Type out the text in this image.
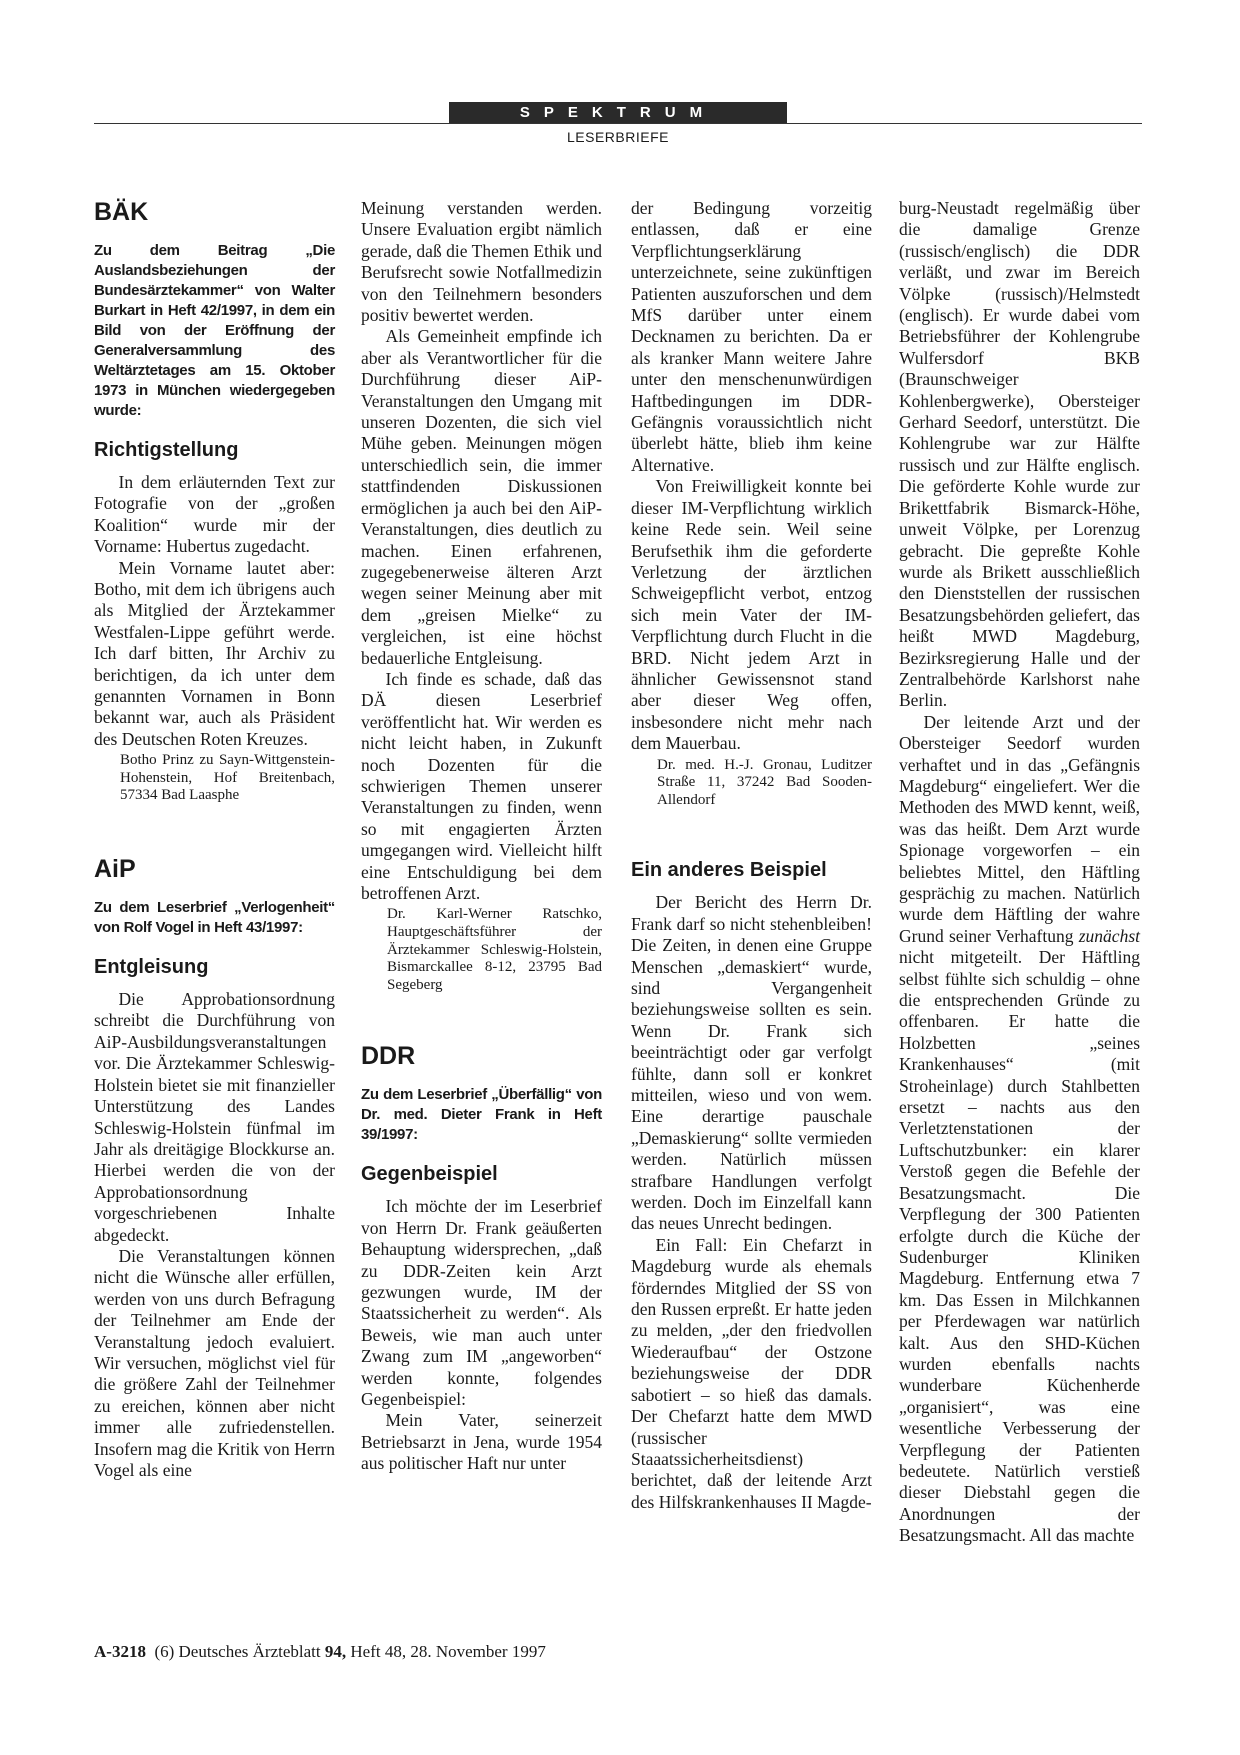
SPEKTRUM
LESERBRIEFE
BÄK
Zu dem Beitrag „Die Auslandsbeziehungen der Bundesärztekammer“ von Walter Burkart in Heft 42/1997, in dem ein Bild von der Eröffnung der Generalversammlung des Weltärztetages am 15. Oktober 1973 in München wiedergegeben wurde:
Richtigstellung

In dem erläuternden Text zur Fotografie von der „großen Koalition“ wurde mir der Vorname: Hubertus zugedacht.

Mein Vorname lautet aber: Botho, mit dem ich übrigens auch als Mitglied der Ärztekammer Westfalen-Lippe geführt werde. Ich darf bitten, Ihr Archiv zu berichtigen, da ich unter dem genannten Vornamen in Bonn bekannt war, auch als Präsident des Deutschen Roten Kreuzes.

Botho Prinz zu Sayn-Wittgenstein-Hohenstein, Hof Breitenbach, 57334 Bad Laasphe
AiP
Zu dem Leserbrief „Verlogenheit“ von Rolf Vogel in Heft 43/1997:
Entgleisung

Die Approbationsordnung schreibt die Durchführung von AiP-Ausbildungsveranstaltungen vor. Die Ärztekammer Schleswig-Holstein bietet sie mit finanzieller Unterstützung des Landes Schleswig-Holstein fünfmal im Jahr als dreitägige Blockkurse an. Hierbei werden die von der Approbationsordnung vorgeschriebenen Inhalte abgedeckt.

Die Veranstaltungen können nicht die Wünsche aller erfüllen, werden von uns durch Befragung der Teilnehmer am Ende der Veranstaltung jedoch evaluiert. Wir versuchen, möglichst viel für die größere Zahl der Teilnehmer zu ereichen, können aber nicht immer alle zufriedenstellen. Insofern mag die Kritik von Herrn Vogel als eine

Meinung verstanden werden. Unsere Evaluation ergibt nämlich gerade, daß die Themen Ethik und Berufsrecht sowie Notfallmedizin von den Teilnehmern besonders positiv bewertet werden.

Als Gemeinheit empfinde ich aber als Verantwortlicher für die Durchführung dieser AiP-Veranstaltungen den Umgang mit unseren Dozenten, die sich viel Mühe geben. Meinungen mögen unterschiedlich sein, die immer stattfindenden Diskussionen ermöglichen ja auch bei den AiP-Veranstaltungen, dies deutlich zu machen. Einen erfahrenen, zugegebenerweise älteren Arzt wegen seiner Meinung aber mit dem „greisen Mielke“ zu vergleichen, ist eine höchst bedauerliche Entgleisung.

Ich finde es schade, daß das DÄ diesen Leserbrief veröffentlicht hat. Wir werden es nicht leicht haben, in Zukunft noch Dozenten für die schwierigen Themen unserer Veranstaltungen zu finden, wenn so mit engagierten Ärzten umgegangen wird. Vielleicht hilft eine Entschuldigung bei dem betroffenen Arzt.

Dr. Karl-Werner Ratschko, Hauptgeschäftsführer der Ärztekammer Schleswig-Holstein, Bismarckallee 8-12, 23795 Bad Segeberg
DDR
Zu dem Leserbrief „Überfällig“ von Dr. med. Dieter Frank in Heft 39/1997:
Gegenbeispiel

Ich möchte der im Leserbrief von Herrn Dr. Frank geäußerten Behauptung widersprechen, „daß zu DDR-Zeiten kein Arzt gezwungen wurde, IM der Staatssicherheit zu werden“. Als Beweis, wie man auch unter Zwang zum IM „angeworben“ werden konnte, folgendes Gegenbeispiel:

Mein Vater, seinerzeit Betriebsarzt in Jena, wurde 1954 aus politischer Haft nur unter

der Bedingung vorzeitig entlassen, daß er eine Verpflichtungserklärung unterzeichnete, seine zukünftigen Patienten auszuforschen und dem MfS darüber unter einem Decknamen zu berichten. Da er als kranker Mann weitere Jahre unter den menschenunwürdigen Haftbedingungen im DDR-Gefängnis voraussichtlich nicht überlebt hätte, blieb ihm keine Alternative.

Von Freiwilligkeit konnte bei dieser IM-Verpflichtung wirklich keine Rede sein. Weil seine Berufsethik ihm die geforderte Verletzung der ärztlichen Schweigepflicht verbot, entzog sich mein Vater der IM-Verpflichtung durch Flucht in die BRD. Nicht jedem Arzt in ähnlicher Gewissensnot stand aber dieser Weg offen, insbesondere nicht mehr nach dem Mauerbau.

Dr. med. H.-J. Gronau, Luditzer Straße 11, 37242 Bad Sooden-Allendorf
Ein anderes Beispiel

Der Bericht des Herrn Dr. Frank darf so nicht stehenbleiben! Die Zeiten, in denen eine Gruppe Menschen „demaskiert“ wurde, sind Vergangenheit beziehungsweise sollten es sein. Wenn Dr. Frank sich beeinträchtigt oder gar verfolgt fühlte, dann soll er konkret mitteilen, wieso und von wem. Eine derartige pauschale „Demaskierung“ sollte vermieden werden. Natürlich müssen strafbare Handlungen verfolgt werden. Doch im Einzelfall kann das neues Unrecht bedingen.

Ein Fall: Ein Chefarzt in Magdeburg wurde als ehemals förderndes Mitglied der SS von den Russen erpreßt. Er hatte jeden zu melden, „der den friedvollen Wiederaufbau“ der Ostzone beziehungsweise der DDR sabotiert – so hieß das damals. Der Chefarzt hatte dem MWD (russischer Staaatssicherheitsdienst) berichtet, daß der leitende Arzt des Hilfskrankenhauses II Magde-

burg-Neustadt regelmäßig über die damalige Grenze (russisch/englisch) die DDR verläßt, und zwar im Bereich Völpke (russisch)/Helmstedt (englisch). Er wurde dabei vom Betriebsführer der Kohlengrube Wulfersdorf BKB (Braunschweiger Kohlenbergwerke), Obersteiger Gerhard Seedorf, unterstützt. Die Kohlengrube war zur Hälfte russisch und zur Hälfte englisch. Die geförderte Kohle wurde zur Brikettfabrik Bismarck-Höhe, unweit Völpke, per Lorenzug gebracht. Die gepreßte Kohle wurde als Brikett ausschließlich den Dienststellen der russischen Besatzungsbehörden geliefert, das heißt MWD Magdeburg, Bezirksregierung Halle und der Zentralbehörde Karlshorst nahe Berlin.

Der leitende Arzt und der Obersteiger Seedorf wurden verhaftet und in das „Gefängnis Magdeburg“ eingeliefert. Wer die Methoden des MWD kennt, weiß, was das heißt. Dem Arzt wurde Spionage vorgeworfen – ein beliebtes Mittel, den Häftling gesprächig zu machen. Natürlich wurde dem Häftling der wahre Grund seiner Verhaftung zunächst nicht mitgeteilt. Der Häftling selbst fühlte sich schuldig – ohne die entsprechenden Gründe zu offenbaren. Er hatte die Holzbetten „seines Krankenhauses“ (mit Stroheinlage) durch Stahlbetten ersetzt – nachts aus den Verletztenstationen der Luftschutzbunker: ein klarer Verstoß gegen die Befehle der Besatzungsmacht. Die Verpflegung der 300 Patienten erfolgte durch die Küche der Sudenburger Kliniken Magdeburg. Entfernung etwa 7 km. Das Essen in Milchkannen per Pferdewagen war natürlich kalt. Aus den SHD-Küchen wurden ebenfalls nachts wunderbare Küchenherde „organisiert“, was eine wesentliche Verbesserung der Verpflegung der Patienten bedeutete. Natürlich verstieß dieser Diebstahl gegen die Anordnungen der Besatzungsmacht. All das machte

A-3218 (6) Deutsches Ärzteblatt 94, Heft 48, 28. November 1997
